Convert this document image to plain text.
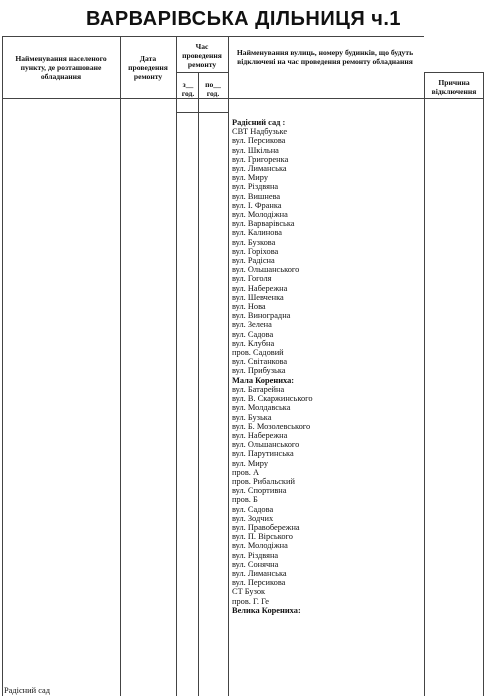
ВАРВАРІВСЬКА ДІЛЬНИЦЯ ч.1
Найменування населеного пункту, де розташоване обладнання
Дата проведення ремонту
Час проведення ремонту
з__ год.
по__ год.
Найменування вулиць, номеру будинків, що будуть відключені на час проведення ремонту обладнання
Причина відключення
Радісний сад :
СВТ Надбузьке
вул. Персикова
вул. Шкільна
вул. Григоренка
вул. Лиманська
вул. Миру
вул. Різдвяна
вул. Вишнева
вул. І. Франка
вул. Молодіжна
вул. Варварівська
вул. Калинова
вул. Бузкова
вул. Горіхова
вул. Радісна
вул. Ольшанського
вул. Гоголя
вул. Набережна
вул. Шевченка
вул. Нова
вул. Виноградна
вул. Зелена
вул. Садова
вул. Клубна
пров. Садовий
вул. Світанкова
вул. Прибузька
Мала Корениха:
вул. Батарейна
вул. В. Скаржинського
вул. Молдавська
вул. Бузька
вул. Б. Мозолевського
вул. Набережна
вул. Ольшанського
вул. Парутинська
вул. Миру
пров. А
пров. Рибальский
вул. Спортивна
пров. Б
вул. Садова
вул. Зодчих
вул. Правобережна
вул. П. Вірського
вул. Молодіжна
вул. Різдвяна
вул. Сонячна
вул. Лиманська
вул. Персикова
СТ Бузок
пров. Г. Ге
Велика Корениха:
Радісний сад
